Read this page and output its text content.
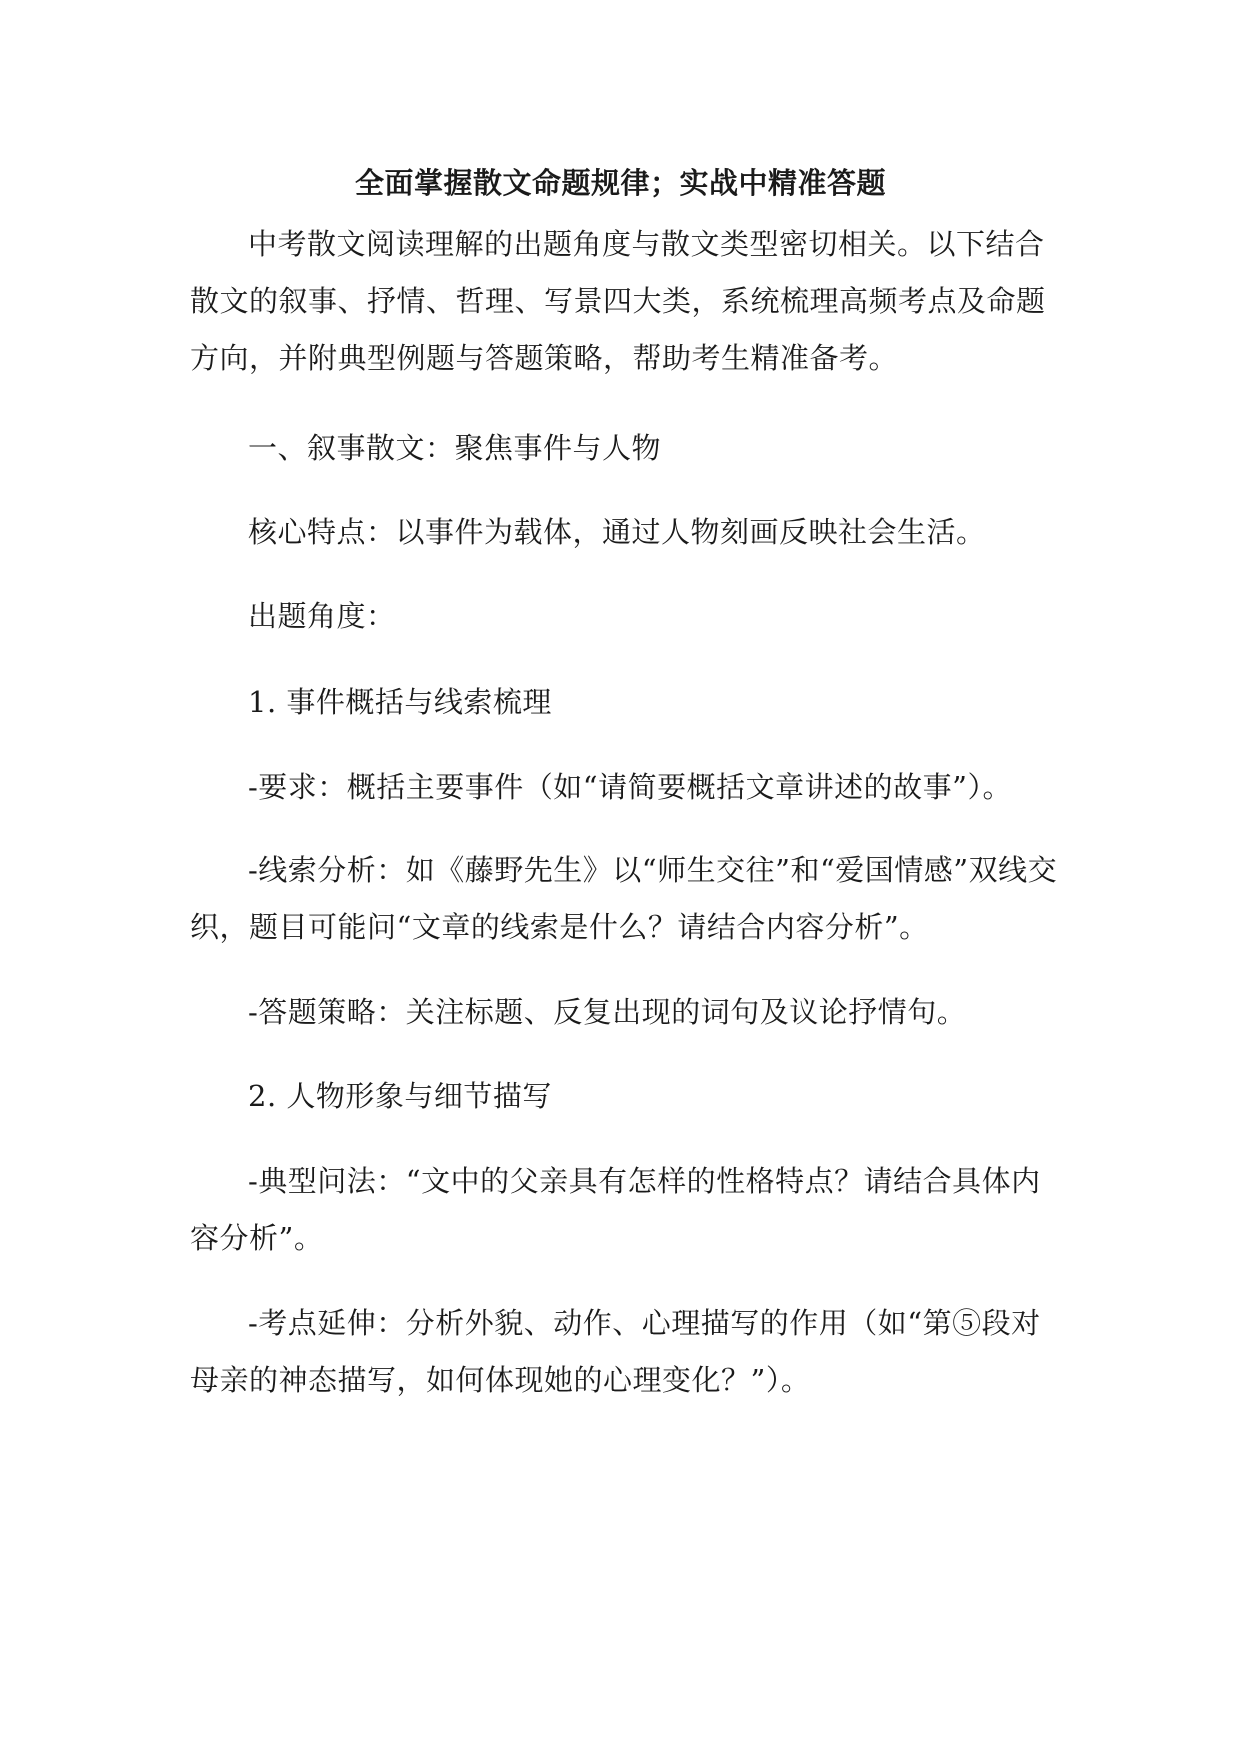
全面掌握散文命题规律；实战中精准答题

中考散文阅读理解的出题角度与散文类型密切相关。以下结合散文的叙事、抒情、哲理、写景四大类，系统梳理高频考点及命题方向，并附典型例题与答题策略，帮助考生精准备考。

一、叙事散文：聚焦事件与人物

核心特点：以事件为载体，通过人物刻画反映社会生活。

出题角度：

1. 事件概括与线索梳理

-要求：概括主要事件（如“请简要概括文章讲述的故事”）。

-线索分析：如《藤野先生》以“师生交往”和“爱国情感”双线交织，题目可能问“文章的线索是什么？请结合内容分析”。

-答题策略：关注标题、反复出现的词句及议论抒情句。

2. 人物形象与细节描写

-典型问法：“文中的父亲具有怎样的性格特点？请结合具体内容分析”。

-考点延伸：分析外貌、动作、心理描写的作用（如“第⑤段对母亲的神态描写，如何体现她的心理变化？”）。
